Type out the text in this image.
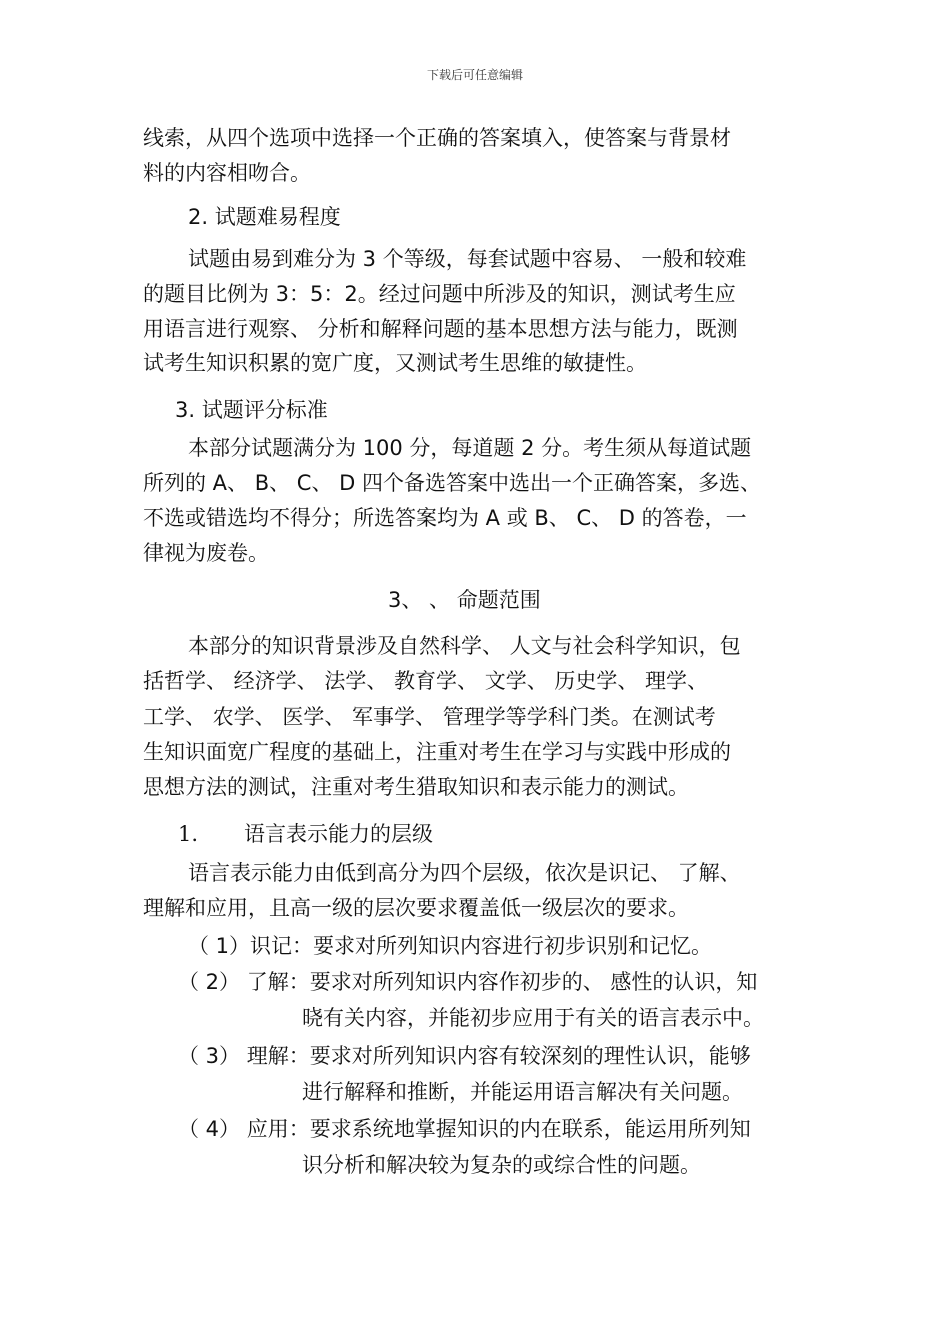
下载后可任意编辑
线索，从四个选项中选择一个正确的答案填入，使答案与背景材
料的内容相吻合。
2. 试题难易程度
试题由易到难分为 3 个等级，每套试题中容易、 一般和较难
的题目比例为 3：5：2。经过问题中所涉及的知识，测试考生应
用语言进行观察、 分析和解释问题的基本思想方法与能力，既测
试考生知识积累的宽广度，又测试考生思维的敏捷性。
3. 试题评分标准
本部分试题满分为 100 分，每道题 2 分。考生须从每道试题
所列的 A、 B、 C、 D 四个备选答案中选出一个正确答案，多选、
不选或错选均不得分；所选答案均为 A 或 B、 C、 D 的答卷，一
律视为废卷。
3、 、 命题范围
本部分的知识背景涉及自然科学、 人文与社会科学知识，包
括哲学、 经济学、 法学、 教育学、 文学、 历史学、 理学、
工学、 农学、 医学、 军事学、 管理学等学科门类。在测试考
生知识面宽广程度的基础上，注重对考生在学习与实践中形成的
思想方法的测试，注重对考生猎取知识和表示能力的测试。
1. 语言表示能力的层级
语言表示能力由低到高分为四个层级，依次是识记、 了解、
理解和应用，且高一级的层次要求覆盖低一级层次的要求。
（ 1）识记：要求对所列知识内容进行初步识别和记忆。
（ 2） 了解：要求对所列知识内容作初步的、 感性的认识，知
晓有关内容，并能初步应用于有关的语言表示中。
（ 3） 理解：要求对所列知识内容有较深刻的理性认识，能够
进行解释和推断，并能运用语言解决有关问题。
（ 4） 应用：要求系统地掌握知识的内在联系，能运用所列知
识分析和解决较为复杂的或综合性的问题。
